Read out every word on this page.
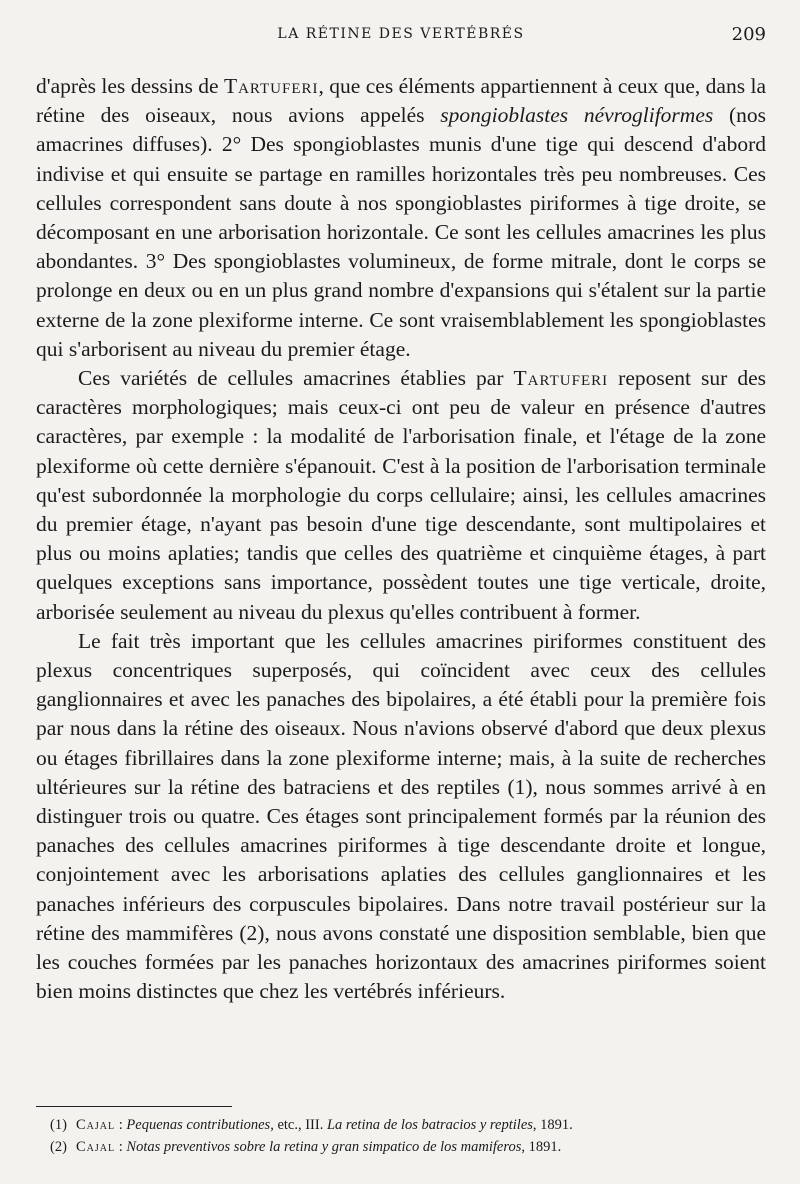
LA RÉTINE DES VERTÉBRÉS	209

d'après les dessins de Tartuferi, que ces éléments appartiennent à ceux que, dans la rétine des oiseaux, nous avions appelés spongioblastes névrogliformes (nos amacrines diffuses). 2° Des spongioblastes munis d'une tige qui descend d'abord indivise et qui ensuite se partage en ramilles horizontales très peu nombreuses. Ces cellules correspondent sans doute à nos spongioblastes piriformes à tige droite, se décomposant en une arborisation horizontale. Ce sont les cellules amacrines les plus abondantes. 3° Des spongioblastes volumineux, de forme mitrale, dont le corps se prolonge en deux ou en un plus grand nombre d'expansions qui s'étalent sur la partie externe de la zone plexiforme interne. Ce sont vraisemblablement les spongioblastes qui s'arborisent au niveau du premier étage.

Ces variétés de cellules amacrines établies par Tartuferi reposent sur des caractères morphologiques; mais ceux-ci ont peu de valeur en présence d'autres caractères, par exemple : la modalité de l'arborisation finale, et l'étage de la zone plexiforme où cette dernière s'épanouit. C'est à la position de l'arborisation terminale qu'est subordonnée la morphologie du corps cellulaire; ainsi, les cellules amacrines du premier étage, n'ayant pas besoin d'une tige descendante, sont multipolaires et plus ou moins aplaties; tandis que celles des quatrième et cinquième étages, à part quelques exceptions sans importance, possèdent toutes une tige verticale, droite, arborisée seulement au niveau du plexus qu'elles contribuent à former.

Le fait très important que les cellules amacrines piriformes constituent des plexus concentriques superposés, qui coïncident avec ceux des cellules ganglionnaires et avec les panaches des bipolaires, a été établi pour la première fois par nous dans la rétine des oiseaux. Nous n'avions observé d'abord que deux plexus ou étages fibrillaires dans la zone plexiforme interne; mais, à la suite de recherches ultérieures sur la rétine des batraciens et des reptiles (1), nous sommes arrivé à en distinguer trois ou quatre. Ces étages sont principalement formés par la réunion des panaches des cellules amacrines piriformes à tige descendante droite et longue, conjointement avec les arborisations aplaties des cellules ganglionnaires et les panaches inférieurs des corpuscules bipolaires. Dans notre travail postérieur sur la rétine des mammifères (2), nous avons constaté une disposition semblable, bien que les couches formées par les panaches horizontaux des amacrines piriformes soient bien moins distinctes que chez les vertébrés inférieurs.

(1) Cajal : Pequenas contributiones, etc., III. La retina de los batracios y reptiles, 1891.
(2) Cajal : Notas preventivos sobre la retina y gran simpatico de los mamiferos, 1891.
